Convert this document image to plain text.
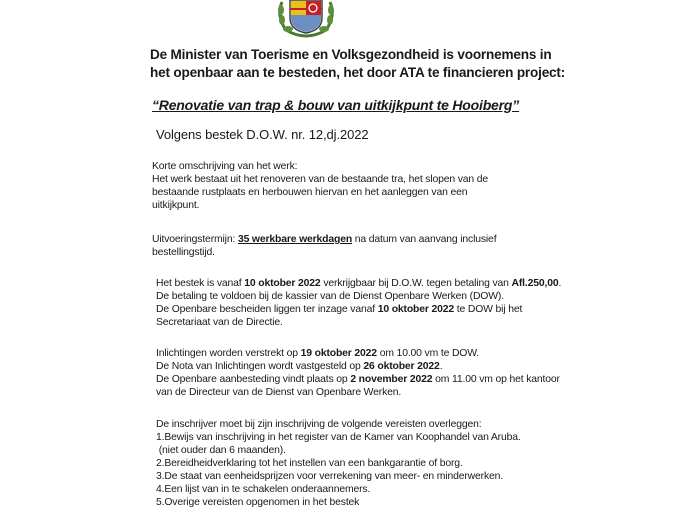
De Minister van Toerisme en Volksgezondheid is voornemens in
het openbaar aan te besteden, het door ATA te financieren project:
“Renovatie van trap & bouw van uitkijkpunt te Hooiberg”
Volgens bestek D.O.W. nr. 12,dj.2022
Korte omschrijving van het werk:
Het werk bestaat uit het renoveren van de bestaande tra, het slopen van de
bestaande rustplaats en herbouwen hiervan en het aanleggen van een
uitkijkpunt.
Uitvoeringstermijn: 35 werkbare werkdagen na datum van aanvang inclusief
bestellingstijd.
Het bestek is vanaf 10 oktober 2022 verkrijgbaar bij D.O.W. tegen betaling van Afl.250,00.
De betaling te voldoen bij de kassier van de Dienst Openbare Werken (DOW).
De Openbare bescheiden liggen ter inzage vanaf 10 oktober 2022 te DOW bij het
Secretariaat van de Directie.
Inlichtingen worden verstrekt op 19 oktober 2022 om 10.00 vm te DOW.
De Nota van Inlichtingen wordt vastgesteld op 26 oktober 2022.
De Openbare aanbesteding vindt plaats op 2 november 2022 om 11.00 vm op het kantoor
van de Directeur van de Dienst van Openbare Werken.
De inschrijver moet bij zijn inschrijving de volgende vereisten overleggen:
1.Bewijs van inschrijving in het register van de Kamer van Koophandel van Aruba.
(niet ouder dan 6 maanden).
2.Bereidheidverklaring tot het instellen van een bankgarantie of borg.
3.De staat van eenheidsprijzen voor verrekening van meer- en minderwerken.
4.Een lijst van in te schakelen onderaannemers.
5.Overige vereisten opgenomen in het bestek
